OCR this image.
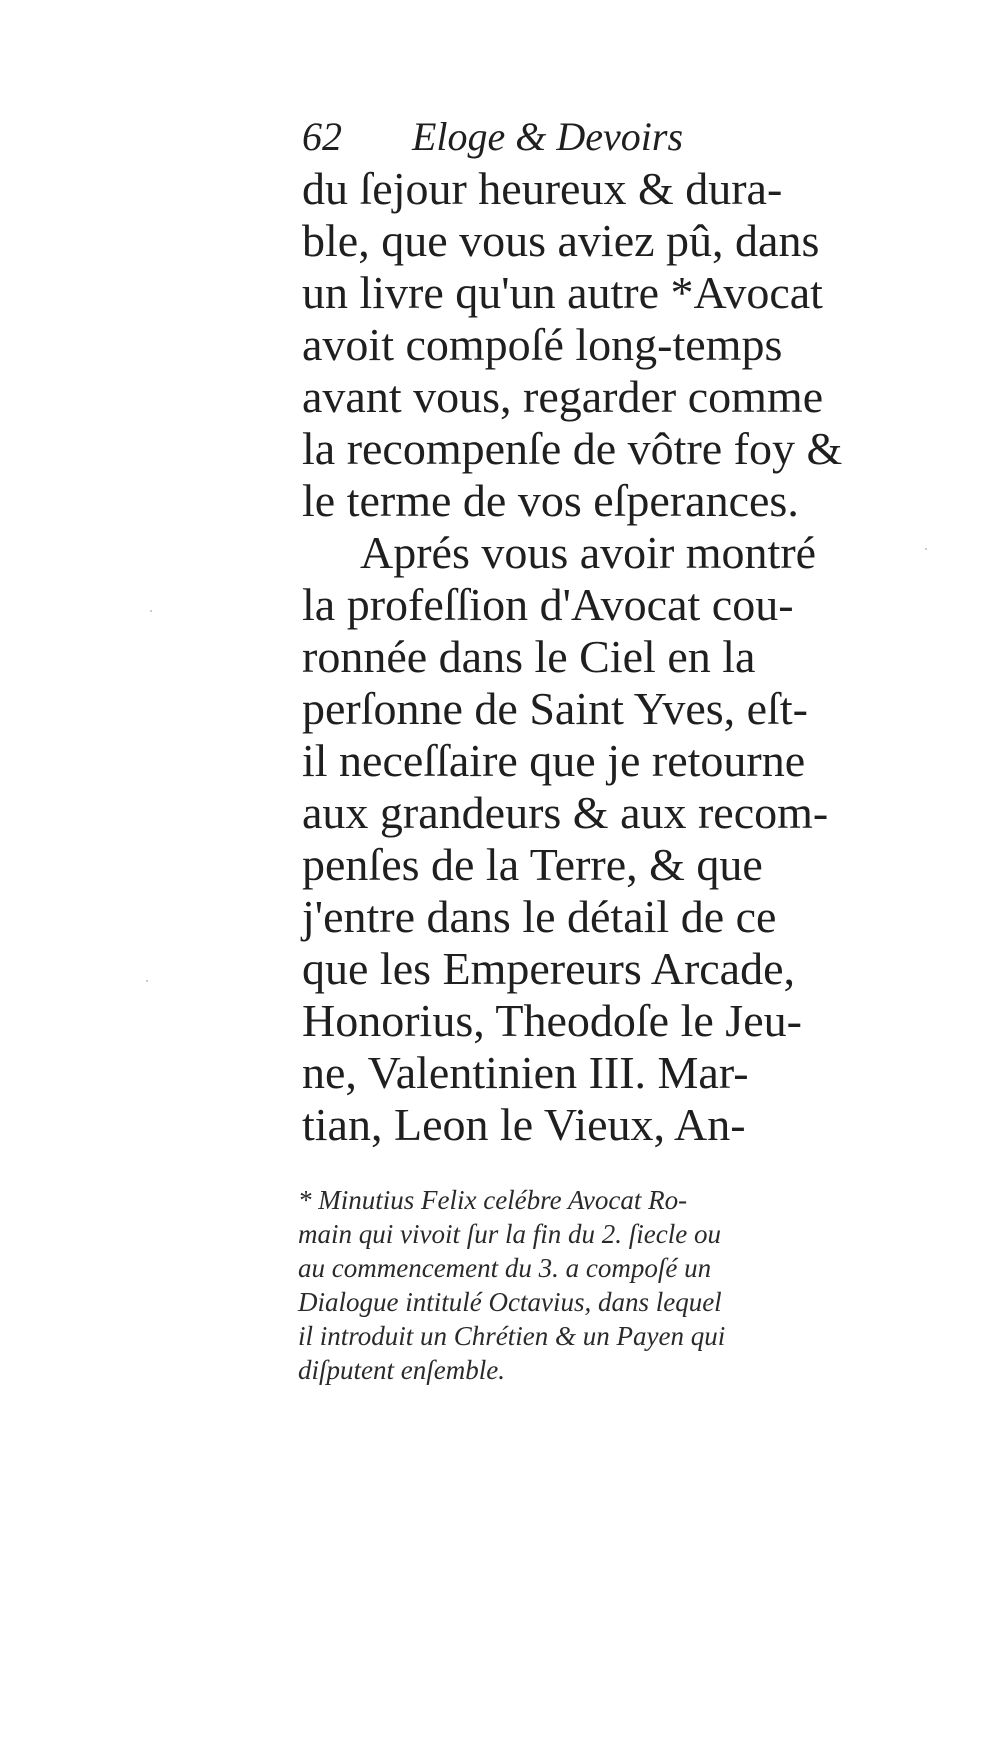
62 Eloge & Devoirs
du ſejour heureux & dura-
ble, que vous aviez pû, dans
un livre qu'un autre *Avocat
avoit compoſé long-temps
avant vous, regarder comme
la recompenſe de vôtre foy &
le terme de vos eſperances.
Aprés vous avoir montré
la profeſſion d'Avocat cou-
ronnée dans le Ciel en la
perſonne de Saint Yves, eſt-
il neceſſaire que je retourne
aux grandeurs & aux recom-
penſes de la Terre, & que
j'entre dans le détail de ce
que les Empereurs Arcade,
Honorius, Theodoſe le Jeu-
ne, Valentinien III. Mar-
tian, Leon le Vieux, An-
* Minutius Felix celébre Avocat Ro-
main qui vivoit ſur la fin du 2. ſiecle ou
au commencement du 3. a compoſé un
Dialogue intitulé Octavius, dans lequel
il introduit un Chrétien & un Payen qui
diſputent enſemble.
